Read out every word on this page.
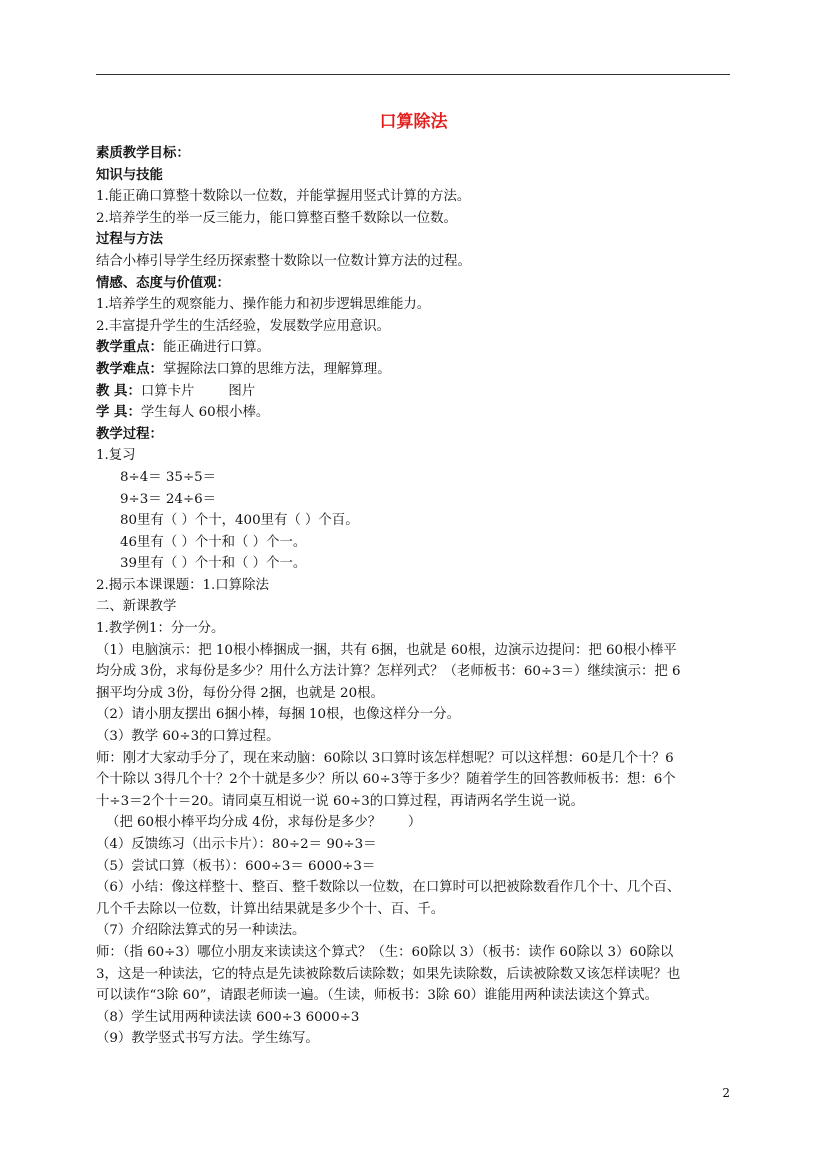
口算除法
素质教学目标：
知识与技能
1.能正确口算整十数除以一位数，并能掌握用竖式计算的方法。
2.培养学生的举一反三能力，能口算整百整千数除以一位数。
过程与方法
结合小棒引导学生经历探索整十数除以一位数计算方法的过程。
情感、态度与价值观：
1.培养学生的观察能力、操作能力和初步逻辑思维能力。
2.丰富提升学生的生活经验，发展数学应用意识。
教学重点：能正确进行口算。
教学难点：掌握除法口算的思维方法，理解算理。
教 具：口算卡片	图片
学 具：学生每人 60根小棒。
教学过程：
1.复习
8÷4＝ 35÷5＝
9÷3＝ 24÷6＝
80里有（ ）个十，400里有（ ）个百。
46里有（ ）个十和（ ）个一。
39里有（ ）个十和（ ）个一。
2.揭示本课课题：1.口算除法
二、新课教学
1.教学例1：分一分。
（1）电脑演示：把 10根小棒捆成一捆，共有 6捆，也就是 60根，边演示边提问：把 60根小棒平
均分成 3份，求每份是多少？用什么方法计算？怎样列式？（老师板书：60÷3＝）继续演示：把 6
捆平均分成 3份，每份分得 2捆，也就是 20根。
（2）请小朋友摆出 6捆小棒，每捆 10根，也像这样分一分。
（3）教学 60÷3的口算过程。
师：刚才大家动手分了，现在来动脑：60除以 3口算时该怎样想呢？可以这样想：60是几个十？6
个十除以 3得几个十？2个十就是多少？所以 60÷3等于多少？随着学生的回答教师板书：想：6个
十÷3＝2个十＝20。请同桌互相说一说 60÷3的口算过程，再请两名学生说一说。
（把 60根小棒平均分成 4份，求每份是多少？　　）
（4）反馈练习（出示卡片）：80÷2＝ 90÷3＝
（5）尝试口算（板书）：600÷3＝ 6000÷3＝
（6）小结：像这样整十、整百、整千数除以一位数，在口算时可以把被除数看作几个十、几个百、
几个千去除以一位数，计算出结果就是多少个十、百、千。
（7）介绍除法算式的另一种读法。
师：（指 60÷3）哪位小朋友来读读这个算式？（生：60除以 3）（板书：读作 60除以 3）60除以
3，这是一种读法，它的特点是先读被除数后读除数；如果先读除数，后读被除数又该怎样读呢？也
可以读作“3除 60”，请跟老师读一遍。（生读，师板书：3除 60）谁能用两种读法读这个算式。
（8）学生试用两种读法读 600÷3 6000÷3
（9）教学竖式书写方法。学生练写。
2
